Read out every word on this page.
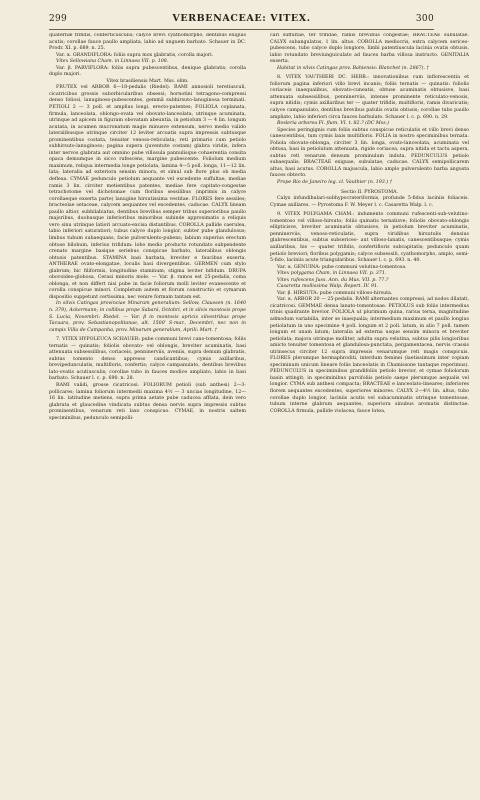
299	VERBENACEAE: VITEX.	300

quaternæ trifidis, conferticusculis; calyce brevi cyathomorpho, dentibus exiguis acutis; corollae fauce paullo ampliata, labio ad unguem barbato. Schauer in DC. Prodr. XI. p. 689. n. 25.

Var. α. GRANDIFLORA: foliis supra mox glabratis, corolla majori.

Vitex Sellowiana Cham. in Linnaea VII. p. 108.

Var. β. PARVIFLORA: foliis supra pubescentibus, denique glabratis; corolla duplo majori.

Vitex brasiliensis Mart. Mss. olim.

FRUTEX vel ARBOR 6—18-pedalis (Riedel). RAMI annosioli teretiusculi, cicatricibus grossis suborbicularibus obsessi; hornotini tetragono-compressi denso foliosi, lanuginoso-pubescentes, gemmā subhirsuto-lanuginosa terminati. PETIOLI 2 — 3 poll. et amplius longi, erecto-patentes; FOLIOLA coplanata, firmula, lanceolata, oblongo-ovata vel obovato-lanceolata, utrinque acuminata, utrinque ad apicem in figuram obovatam abeuntia, in petiolum 3 — 4 lin. longum acutata, in acumen mucronatum magis minusve extensum, nervo medio valido lateralibusque utrinque circiter 12 leviter arcuatis supra impressis subtusque prominentibus costata, tenuiter venoso-reticulata; reti primario cum petiolo subhirsuto-lanuginoso; pagina supera (juventute costam) glabra viridis, infera inter nervos glabrata aut omnino pube villosula pannulisque cohaerentia consita opaca demumque in sicco rufescens, margine pubescente. Foliolum medium maximum, reliqua intermedia longe petiolata, lamina 4—5 poll. longa, 11—12 lin. lata; lateralia ad exteriora sensim minora, et simul sub flore plus ob media deflexa. CYMAE pedunculo petiolum aequante vel excedente suffultae, mediae ramis 3 lin. circiter metientibus patentes, mediae fere capitato-congestae tetrachotome vel dichotomae cum floribus sessilibus (inprimis in calyce corollaeque exserta parte) lanugine hirsutissima vestitae. FLORES fere sessiles; bracteolae setaceae, calycem aequantes vel excedentes, caducae. CALYX lineam paullo altior, subbilabiatus, dentibus brevibus semper tribus superioribus paullo majoribus, duobusque inferioribus minoribus subinde approximatis a reliquis vero sinu utrinque latiori arcuato-excisa distantibus. COROLLA pallide caerulea, labio inferiori saturatiori; tubus calyce duplo longior, subter pube glandulosus; limbus tubum subaequans, facie pulverulento-pubens; labium superius erectum obtuse bilobum, inferius trifidum: lobo medio producto rotundato subpendente crenato margine basique seriebus conspicue barbato, lateralibus oblongis obtusis patentibus. STAMINA basi barbata, breviter e faucibus exserta. ANTHERAE ovato-elongatae, loculis basi divergentibus. GERMEN cum stylo glabrum; hic filiformis, longitudine staminum; stigma leviter bifidum. DRUPA obovoideo-globosa, Cerasi minoris mole. — Var. β. ramos est 25-pedalis, coma oblonga, et non differt nisi pube in facie foliorum molli leviter evanescente et corolla conspicue minori. Completum autem et florum constructio et cymarum dispositio suppetunt certissima, nec venire formam tantam est.

In silvis Catingas provinciae Minarum generalium: Sellow, Claussen (n. 1640 n. 379), Ackermann; in collibus prope Sabará, Octobri, et in silvis montosis prope S. Lucia, Novembri: Riedel. — Var. β in montosis apricis silvestribus prope Tacuara, prov. Sebastianopolitanae, alt. 1500′ S-mar., Decembri, nec non in campis Villa de Campanha, prov. Minarum generalium, Aprili: Mart. †

7. VITEX HYPOLEUCA SCHAUER: pube communi brevi cano-tomentosa; foliis ternatis — quinatis; foliolis obovato- vel oblongis, breviter acuminatis, basi attenuata subsessilibus, coriaceis, penninerviis, aveniis, supra demum glabratis, subtus tomento denso appresso candicantibus; cymis axillaribus, brevipedunculatis, multifloris, confertis; calyce campanulato, dentibus brevibus lato-ovatis acutiusculis; corollae tubo in fauces modice ampliato, labio in basi barbato. Schauer l. c. p. 690. n. 28.

RAMI validi, grosse cicatricosi. FOLIORUM petioli (sub anthesi) 2—3-pollicares; lamina foliorum intermedii maxima 4½ — 3 uncias longitudine, 12—16 lin. latitudine metiens, supra prima aetate pube caducea afflata, dein vero glabrata et glaucedine vindicata subtus densa nervis supra impressis subtus prominentibus, venarum reti laxo conspicuo. CYMAE, in nostris saltem speciminibus, pedunculo semipolli-

cari suffultae, ter trifidae, ramis brevibus congestae; BRACTEAE subulatae. CALYX subangulatus, 1 lin. altus. COROLLA mediocris, extra calycem sericeo-pubescens, tubo calyce duplo longiore, limbi patentiuscula lacinia ovatis obtusis, labio rotundato breviunguiculato ad fauces barba villosa instructo. GENITALIA exserta.

Habitat in silvis Catingas prov. Bahiensis: Blanchet (n. 2867). †

8. VITEX VAUTHIERI DC. HERB.: innovationibus cum inflorescentia et foliorum pagina inferiori villo brevi incanis; foliis ternatis — quinatis: foliolis coriaceis inaequalibus, obovato-cuneatis, obtuse acuminatis obtusisve, basi attenuata subsessilibus, penninerviis, intense prominente reticulato-venosis, supra nitidis; cymis axillaribus ter — quater trifidis, multifloris, ramis divaricatis; calyce campanulato, dentibus brevibus patulis ovatis obtusis; corollae tubo paullo ampliato, labio inferiori circa fauces barbulato. Schauer l. c. p. 690. n. 29.

Bosleria arborea Fl. flum. VI. t. 82.? (DC Mss.)

Species peringignis cum foliis subtus conspicue reticulatis et villo brevi denso canescentibus, tum cymis laxis multifloris. FOLIA in nostro speciminibus ternata. Foliola obovato-oblonga, circiter 3 lin. longa, ovato-lanceolata, acuminata vel obtusa, basi in petiolulum attenuata, rigide coriacea, supra nitida et tactu aspera, subtus reti venarum densum prominulum induta. PEDUNCULUS petiolo subaequalis. BRACTEAE exiguae, subulatae, caducae. CALYX semipollicarem altus, basi acutus. COROLLA majuscula, labio amplo pulverulento barba angusta fauces obtecto.

Prope Rio de Janeiro leg. cl. Vauthier (n. 193.) †

Sectio II. PYROSTOMA.

Calyx infundibulari-subhypocrateriformis, profunde 5-fidus laciniis foliaceis. Cymae axillares. — Pyrostoma F. W. Meyer l. c. Casaretta Walp. l. c.

9. VITEX POLYGAMA CHAM.: indumento communi rufescenti-sub-velutino-tomentoso vel villoso-hirsuto; foliis quinatis ternatisve; foliolis obovato-oblongis ellipticisve, breviter acuminatis obtusisve, in petiolum breviter acuminatis, penninerviis, venoso-reticulatis, supra viridibus hirsutulis densius glabrescentibus, subtus subsericeo- aut villoso-lanatis, canescentibusque; cymis axillaribus, bis — quater trifidis, confertifloris subcapitatis; pedunculo quam petiolo breviori; floribus polygamis; calyce subsessili, cyathomorpho, amplo, semi-5-fido, laciniis acute triangularibus. Schauer l. c. p. 693. n. 40.

Var. α. GENUINA: pube communi velutino-tomentosa.

Vitex polygama Cham. in Linnaea VII. p. 371.

Vitex rufescens Juss. Ann. du Mus. VII. p. 77.?

Casaretta mollissima Walp. Repert. IV. 91.

Var. β. HIRSUTA: pube communi villoso-hirsuta.

Var. α. ARBOR 20 — 25-pedalis. RAMI alternantes compressi, ad nodos dilatati, cicatricosi. GEMMAE densa lanato-tomentosae. PETIOLUS sub foliis intermedius trinis quadrante brevior. FOLIOLA ut plurimum quina, rarius terna, magnitudine admodum variabilia, inter se inaequalia; intermedium maximum et paullo longius petiolatum in uno specimine 4 poll. longum et 2 poll. latum, in alio 7 poll. tamen longum et unam latum; lateralia ad externa usque sensim minora et breviter petiolata; majora utrinque molliter, adulta supra velutina, subtus pilis longioribus amicto tenuiter tomentosa et glandulosa-punctata, pergamentacea, nervis crassis utrinsecus circiter 12 supra impressis venarumque reti magis conspicuis. FLORES plerumque hermaphroditi, interdum feminei (laetissimum inter copiam speciminum unicum lineare foliis lanceolatis in Chamissone tantaque reperimus). PEDUNCULUS in speciminibus grandifoliis petiolo brevior, et cymae foliolorum basin attingit; in speciminibus parvifoliis petiolo saepe plerumque aequalis vel longior. CYMA sub anthesi compacta; BRACTEAE e lanceolato-lineares; inferiores florem aequantes excedentes, superiores minores. CALYX 2—4½ lin. altus, tubo corollae duplo longior, laciniis acutis vel subacuminatis utrinque tomentosae, tubum interne glabrum aequantes, superiora sinubus aromatis distinctae. COROLLA firmula, pallide violacea, fauce lutea,
